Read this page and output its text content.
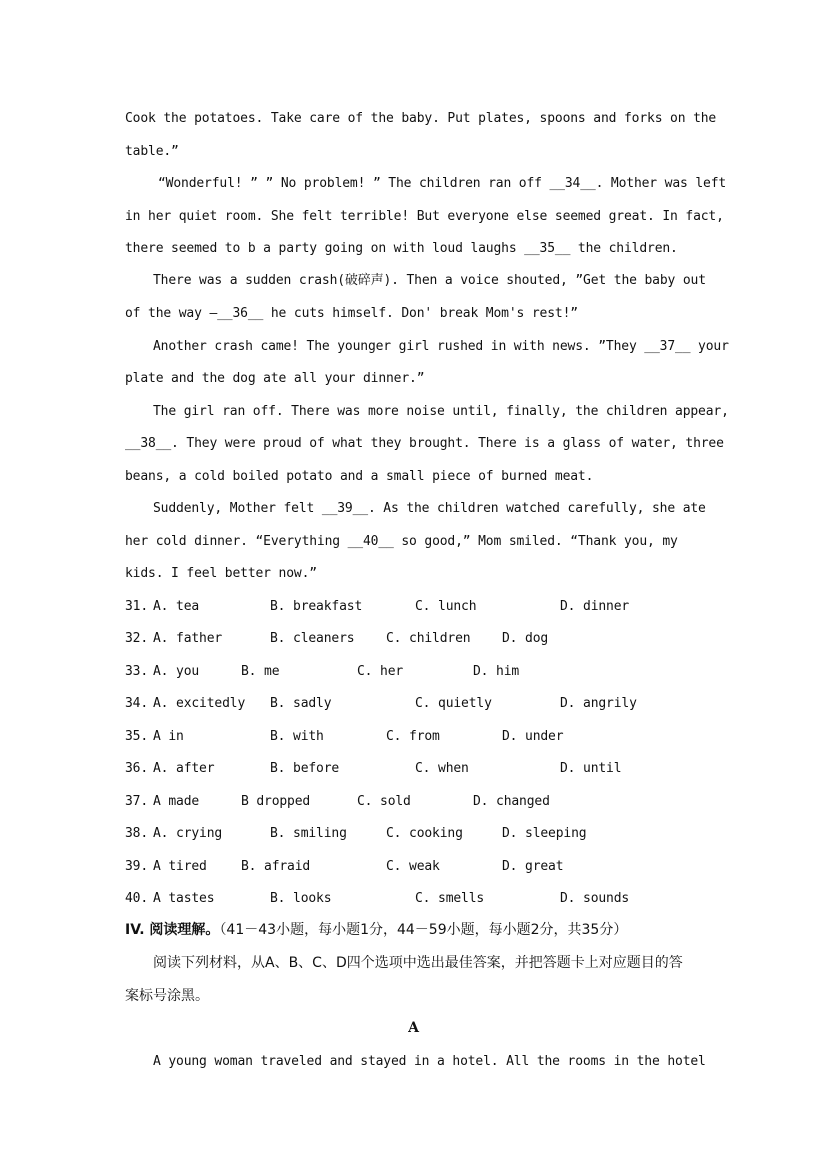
Cook the potatoes. Take care of the baby. Put plates, spoons and forks on the
table.”
“Wonderful! ” ” No problem! ” The children ran off __34__. Mother was left
in her quiet room. She felt terrible! But everyone else seemed great. In fact,
there seemed to b a party going on with loud laughs __35__ the children.
There was a sudden crash(破碎声). Then a voice shouted, ”Get the baby out
of the way —__36__ he cuts himself. Don' break Mom's rest!”
Another crash came! The younger girl rushed in with news. ”They __37__ your
plate and the dog ate all your dinner.”
The girl ran off. There was more noise until, finally, the children appear,
__38__. They were proud of what they brought. There is a glass of water, three
beans, a cold boiled potato and a small piece of burned meat.
Suddenly, Mother felt __39__. As the children watched carefully, she ate
her cold dinner. “Everything __40__ so good,” Mom smiled. “Thank you, my
kids. I feel better now.”
31. A. tea	B. breakfast	C. lunch	D. dinner
32. A. father	B. cleaners C. children D. dog
33. A. you	B. me	C. her	D. him
34. A. excitedly B. sadly	C. quietly	D. angrily
35. A in	B. with	C. from	D. under
36. A. after	B. before	C. when	D. until
37. A made	B dropped	C. sold	D. changed
38. A. crying	B. smiling	C. cooking	D. sleeping
39. A tired	B. afraid	C. weak	D. great
40. A tastes	B. looks	C. smells	D. sounds
IV. 阅读理解。（41－43小题，每小题1分，44－59小题，每小题2分，共35分）
阅读下列材料，从A、B、C、D四个选项中选出最佳答案，并把答题卡上对应题目的答
案标号涂黑。
A
A young woman traveled and stayed in a hotel. All the rooms in the hotel
